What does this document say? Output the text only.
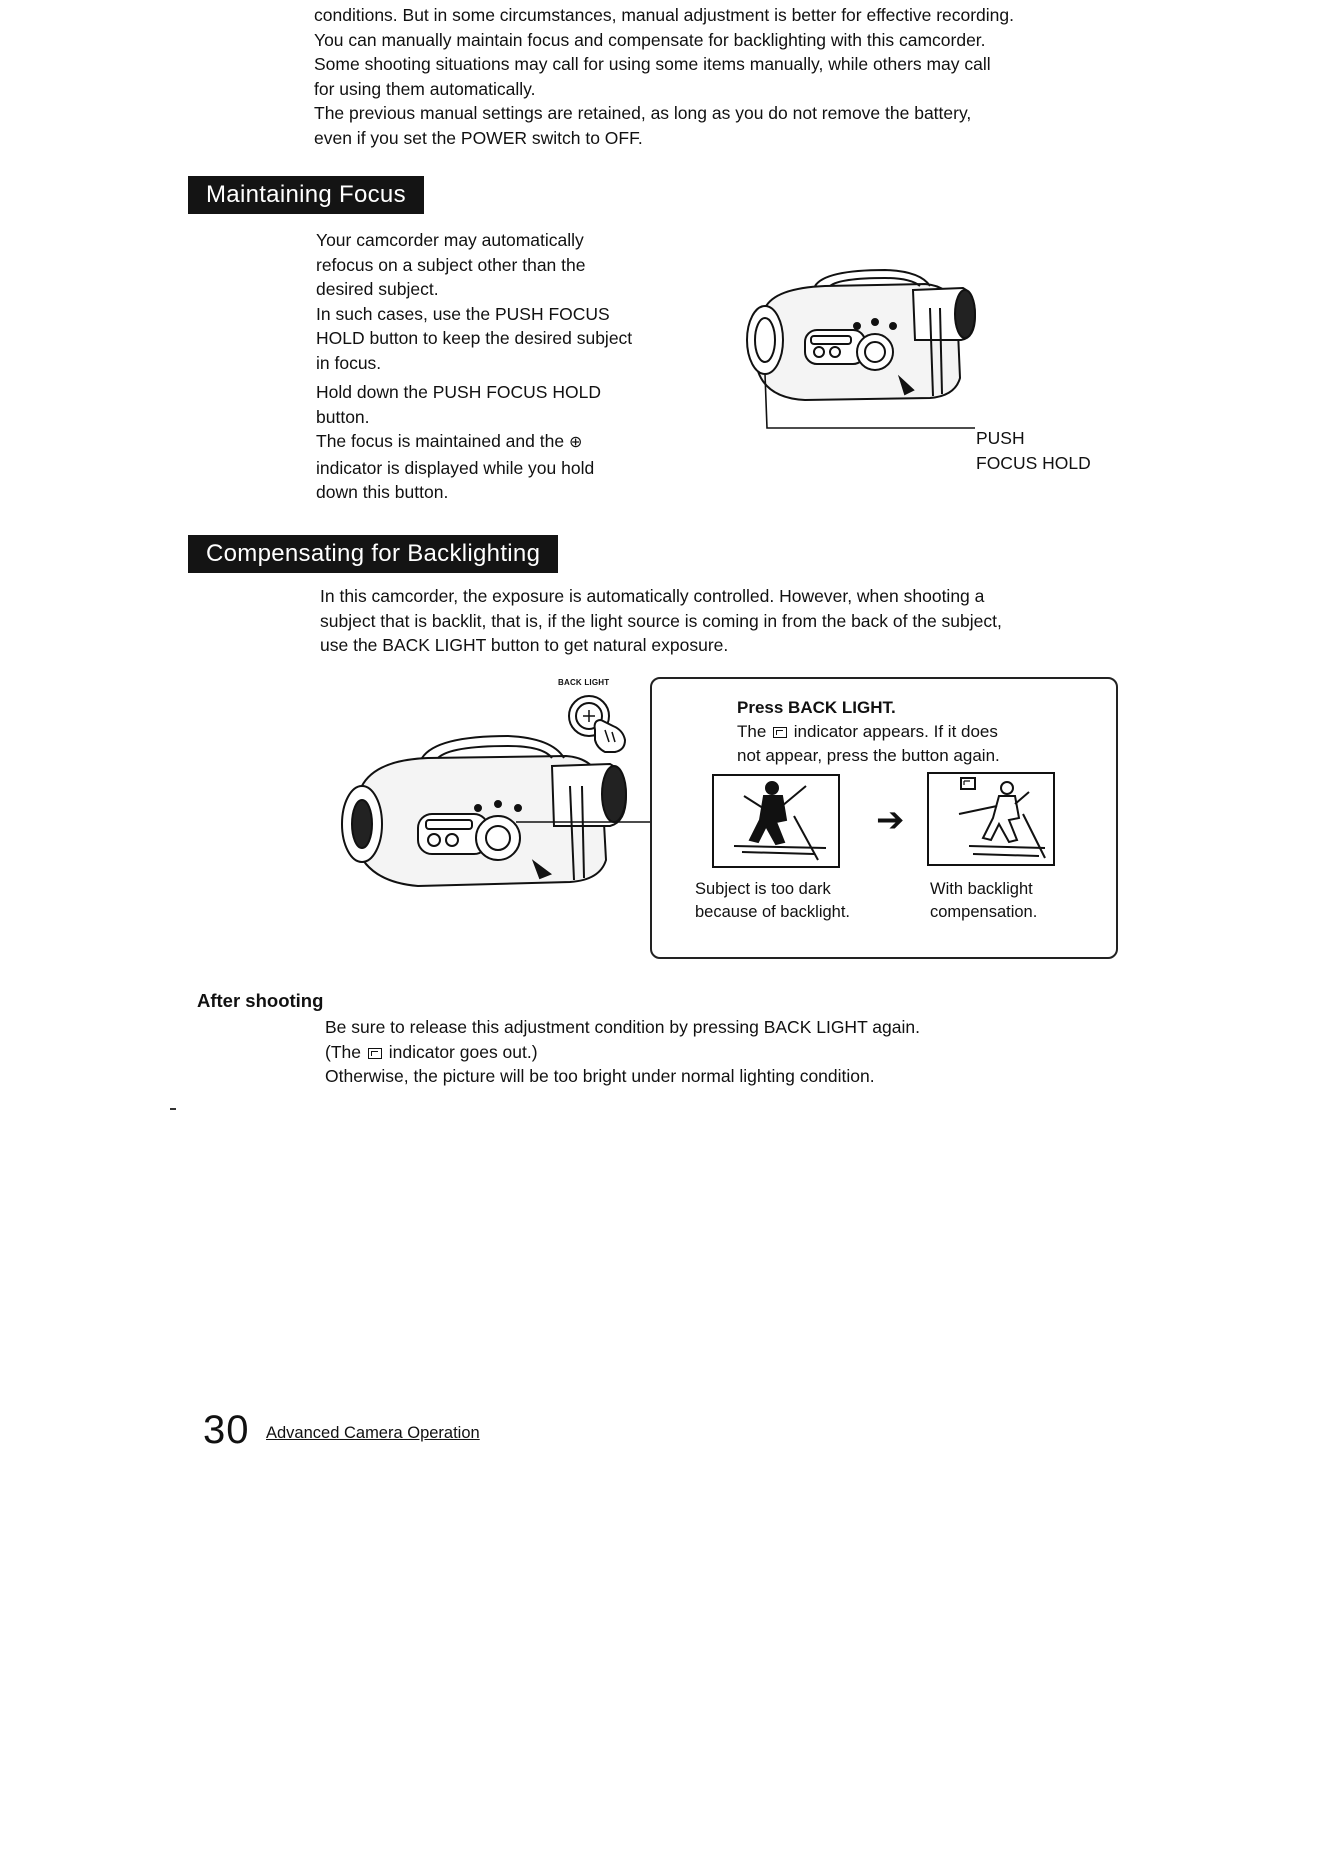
conditions. But in some circumstances, manual adjustment is better for effective recording.
You can manually maintain focus and compensate for backlighting with this camcorder.
Some shooting situations may call for using some items manually, while others may call
for using them automatically.
The previous manual settings are retained, as long as you do not remove the battery,
even if you set the POWER switch to OFF.
Maintaining Focus
Your camcorder may automatically
refocus on a subject other than the
desired subject.
In such cases, use the PUSH FOCUS
HOLD button to keep the desired subject
in focus.
Hold down the PUSH FOCUS HOLD
button.
The focus is maintained and the ⊕
indicator is displayed while you hold
down this button.
PUSH
FOCUS HOLD
Compensating for Backlighting
In this camcorder, the exposure is automatically controlled. However, when shooting a
subject that is backlit, that is, if the light source is coming in from the back of the subject,
use the BACK LIGHT button to get natural exposure.
BACK LIGHT
Press BACK LIGHT.
The indicator appears. If it does
not appear, press the button again.
➔
Subject is too dark
because of backlight.
With backlight
compensation.
After shooting
Be sure to release this adjustment condition by pressing BACK LIGHT again.
(The indicator goes out.)
Otherwise, the picture will be too bright under normal lighting condition.
30 Advanced Camera Operation
